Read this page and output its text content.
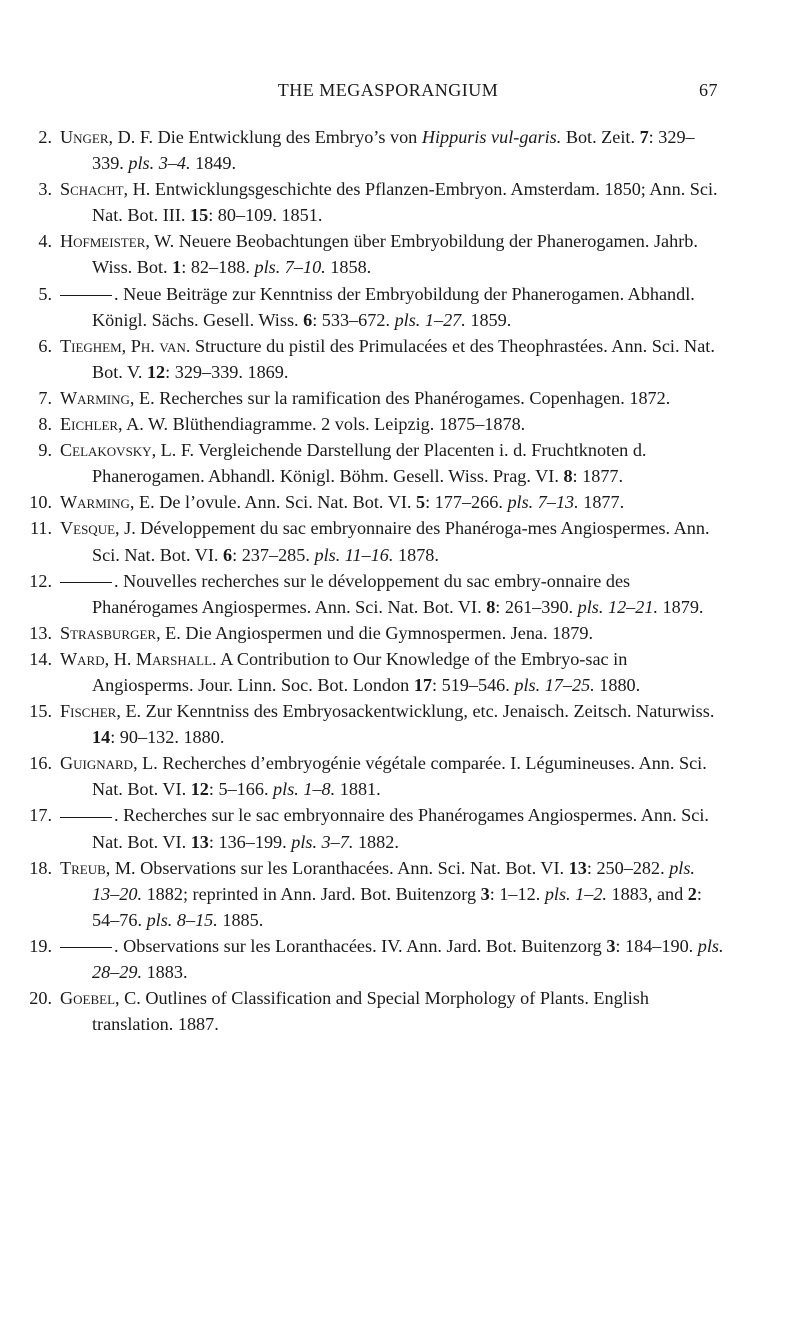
THE MEGASPORANGIUM	67
2. Unger, D. F. Die Entwicklung des Embryo’s von Hippuris vul-garis. Bot. Zeit. 7: 329–339. pls. 3–4. 1849.
3. Schacht, H. Entwicklungsgeschichte des Pflanzen-Embryon. Amsterdam. 1850; Ann. Sci. Nat. Bot. III. 15: 80–109. 1851.
4. Hofmeister, W. Neuere Beobachtungen über Embryobildung der Phanerogamen. Jahrb. Wiss. Bot. 1: 82–188. pls. 7–10. 1858.
5.	. Neue Beiträge zur Kenntniss der Embryobildung der Phanerogamen. Abhandl. Königl. Sächs. Gesell. Wiss. 6: 533–672. pls. 1–27. 1859.
6. Tieghem, Ph. van. Structure du pistil des Primulacées et des Theophrastées. Ann. Sci. Nat. Bot. V. 12: 329–339. 1869.
7. Warming, E. Recherches sur la ramification des Phanérogames. Copenhagen. 1872.
8. Eichler, A. W. Blüthendiagramme. 2 vols. Leipzig. 1875–1878.
9. Celakovsky, L. F. Vergleichende Darstellung der Placenten i. d. Fruchtknoten d. Phanerogamen. Abhandl. Königl. Böhm. Gesell. Wiss. Prag. VI. 8: 1877.
10. Warming, E. De l’ovule. Ann. Sci. Nat. Bot. VI. 5: 177–266. pls. 7–13. 1877.
11. Vesque, J. Développement du sac embryonnaire des Phanéroga-mes Angiospermes. Ann. Sci. Nat. Bot. VI. 6: 237–285. pls. 11–16. 1878.
12.	. Nouvelles recherches sur le développement du sac embry-onnaire des Phanérogames Angiospermes. Ann. Sci. Nat. Bot. VI. 8: 261–390. pls. 12–21. 1879.
13. Strasburger, E. Die Angiospermen und die Gymnospermen. Jena. 1879.
14. Ward, H. Marshall. A Contribution to Our Knowledge of the Embryo-sac in Angiosperms. Jour. Linn. Soc. Bot. London 17: 519–546. pls. 17–25. 1880.
15. Fischer, E. Zur Kenntniss des Embryosackentwicklung, etc. Jenaisch. Zeitsch. Naturwiss. 14: 90–132. 1880.
16. Guignard, L. Recherches d’embryogénie végétale comparée. I. Légumineuses. Ann. Sci. Nat. Bot. VI. 12: 5–166. pls. 1–8. 1881.
17.	. Recherches sur le sac embryonnaire des Phanérogames Angiospermes. Ann. Sci. Nat. Bot. VI. 13: 136–199. pls. 3–7. 1882.
18. Treub, M. Observations sur les Loranthacées. Ann. Sci. Nat. Bot. VI. 13: 250–282. pls. 13–20. 1882; reprinted in Ann. Jard. Bot. Buitenzorg 3: 1–12. pls. 1–2. 1883, and 2: 54–76. pls. 8–15. 1885.
19.	. Observations sur les Loranthacées. IV. Ann. Jard. Bot. Buitenzorg 3: 184–190. pls. 28–29. 1883.
20. Goebel, C. Outlines of Classification and Special Morphology of Plants. English translation. 1887.
